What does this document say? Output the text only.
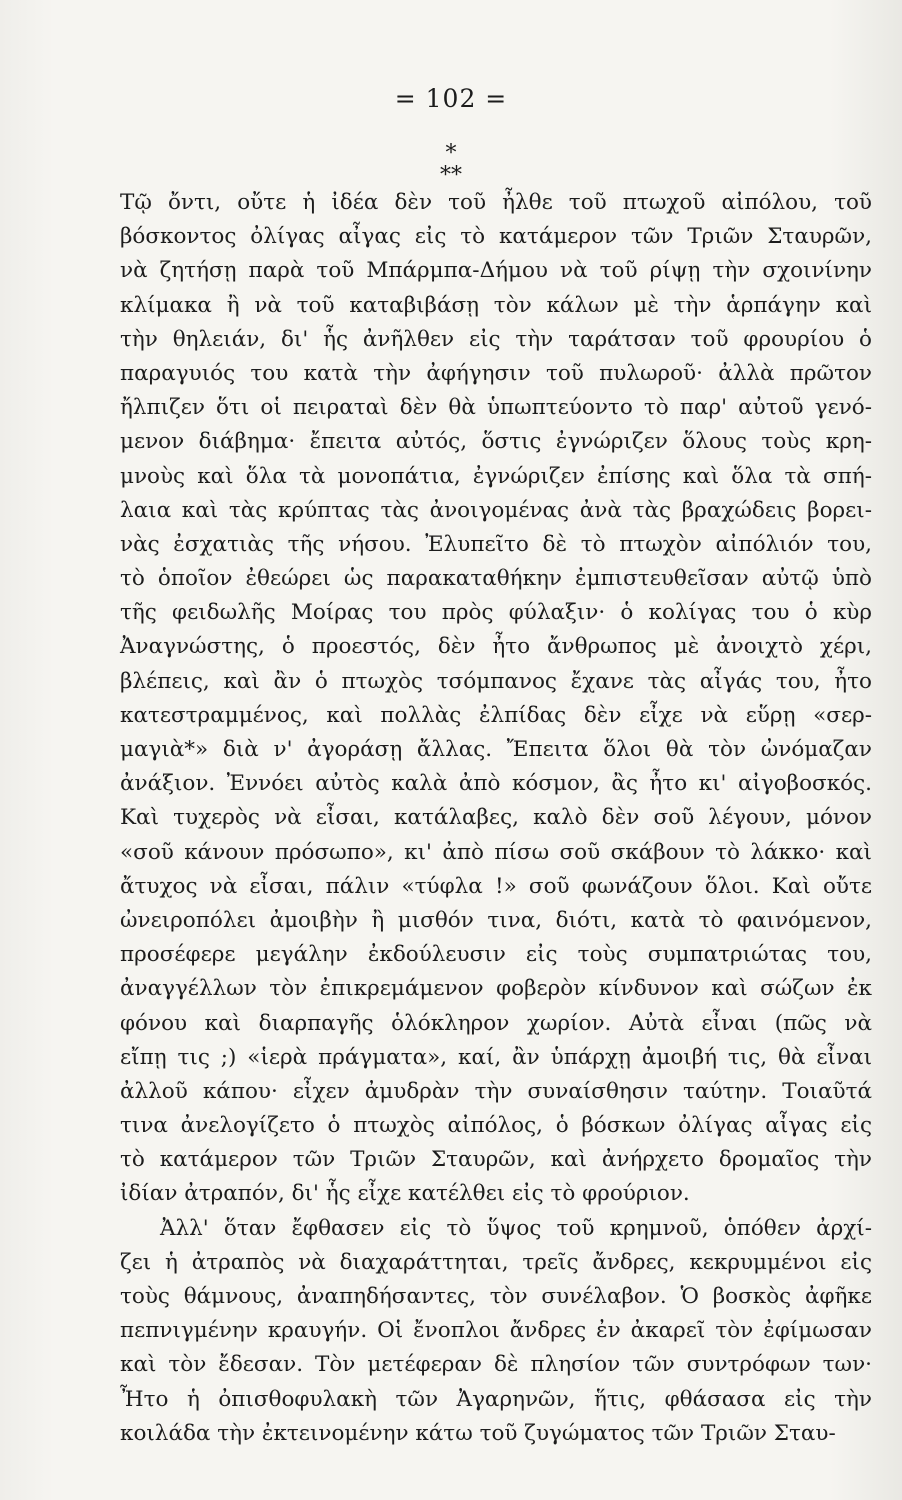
= 102 =
*
**
Τῷ ὄντι, οὔτε ἡ ἰδέα δὲν τοῦ ἦλθε τοῦ πτωχοῦ αἰπόλου, τοῦ
βόσκοντος ὀλίγας αἶγας εἰς τὸ κατάμερον τῶν Τριῶν Σταυρῶν,
νὰ ζητήσῃ παρὰ τοῦ Μπάρμπα-Δήμου νὰ τοῦ ρίψῃ τὴν σχοινίνην
κλίμακα ἢ νὰ τοῦ καταβιβάσῃ τὸν κάλων μὲ τὴν ἁρπάγην καὶ
τὴν θηλειάν, δι' ἧς ἀνῆλθεν εἰς τὴν ταράτσαν τοῦ φρουρίου ὁ
παραγυιός του κατὰ τὴν ἀφήγησιν τοῦ πυλωροῦ· ἀλλὰ πρῶτον
ἤλπιζεν ὅτι οἱ πειραταὶ δὲν θὰ ὑπωπτεύοντο τὸ παρ' αὐτοῦ γενό-
μενον διάβημα· ἔπειτα αὐτός, ὅστις ἐγνώριζεν ὅλους τοὺς κρη-
μνοὺς καὶ ὅλα τὰ μονοπάτια, ἐγνώριζεν ἐπίσης καὶ ὅλα τὰ σπή-
λαια καὶ τὰς κρύπτας τὰς ἀνοιγομένας ἀνὰ τὰς βραχώδεις βορει-
νὰς ἐσχατιὰς τῆς νήσου. Ἐλυπεῖτο δὲ τὸ πτωχὸν αἰπόλιόν του,
τὸ ὁποῖον ἐθεώρει ὡς παρακαταθήκην ἐμπιστευθεῖσαν αὐτῷ ὑπὸ
τῆς φειδωλῆς Μοίρας του πρὸς φύλαξιν· ὁ κολίγας του ὁ κὺρ
Ἀναγνώστης, ὁ προεστός, δὲν ἦτο ἄνθρωπος μὲ ἀνοιχτὸ χέρι,
βλέπεις, καὶ ἂν ὁ πτωχὸς τσόμπανος ἔχανε τὰς αἶγάς του, ἦτο
κατεστραμμένος, καὶ πολλὰς ἐλπίδας δὲν εἶχε νὰ εὕρῃ «σερ-
μαγιὰ*» διὰ ν' ἀγοράσῃ ἄλλας. Ἔπειτα ὅλοι θὰ τὸν ὠνόμαζαν
ἀνάξιον. Ἐννόει αὐτὸς καλὰ ἀπὸ κόσμον, ἂς ἦτο κι' αἰγοβοσκός.
Καὶ τυχερὸς νὰ εἶσαι, κατάλαβες, καλὸ δὲν σοῦ λέγουν, μόνον
«σοῦ κάνουν πρόσωπο», κι' ἀπὸ πίσω σοῦ σκάβουν τὸ λάκκο· καὶ
ἄτυχος νὰ εἶσαι, πάλιν «τύφλα !» σοῦ φωνάζουν ὅλοι. Καὶ οὔτε
ὠνειροπόλει ἀμοιβὴν ἢ μισθόν τινα, διότι, κατὰ τὸ φαινόμενον,
προσέφερε μεγάλην ἐκδούλευσιν εἰς τοὺς συμπατριώτας του,
ἀναγγέλλων τὸν ἐπικρεμάμενον φοβερὸν κίνδυνον καὶ σώζων ἐκ
φόνου καὶ διαρπαγῆς ὁλόκληρον χωρίον. Αὐτὰ εἶναι (πῶς νὰ
εἴπῃ τις ;) «ἱερὰ πράγματα», καί, ἂν ὑπάρχῃ ἀμοιβή τις, θὰ εἶναι
ἀλλοῦ κάπου· εἶχεν ἀμυδρὰν τὴν συναίσθησιν ταύτην. Τοιαῦτά
τινα ἀνελογίζετο ὁ πτωχὸς αἰπόλος, ὁ βόσκων ὀλίγας αἶγας εἰς
τὸ κατάμερον τῶν Τριῶν Σταυρῶν, καὶ ἀνήρχετο δρομαῖος τὴν
ἰδίαν ἀτραπόν, δι' ἧς εἶχε κατέλθει εἰς τὸ φρούριον.
Ἀλλ' ὅταν ἔφθασεν εἰς τὸ ὕψος τοῦ κρημνοῦ, ὁπόθεν ἀρχί-
ζει ἡ ἀτραπὸς νὰ διαχαράττηται, τρεῖς ἄνδρες, κεκρυμμένοι εἰς
τοὺς θάμνους, ἀναπηδήσαντες, τὸν συνέλαβον. Ὁ βοσκὸς ἀφῆκε
πεπνιγμένην κραυγήν. Οἱ ἔνοπλοι ἄνδρες ἐν ἀκαρεῖ τὸν ἐφίμωσαν
καὶ τὸν ἔδεσαν. Τὸν μετέφεραν δὲ πλησίον τῶν συντρόφων των·
Ἦτο ἡ ὀπισθοφυλακὴ τῶν Ἀγαρηνῶν, ἥτις, φθάσασα εἰς τὴν
κοιλάδα τὴν ἐκτεινομένην κάτω τοῦ ζυγώματος τῶν Τριῶν Σταυ-
